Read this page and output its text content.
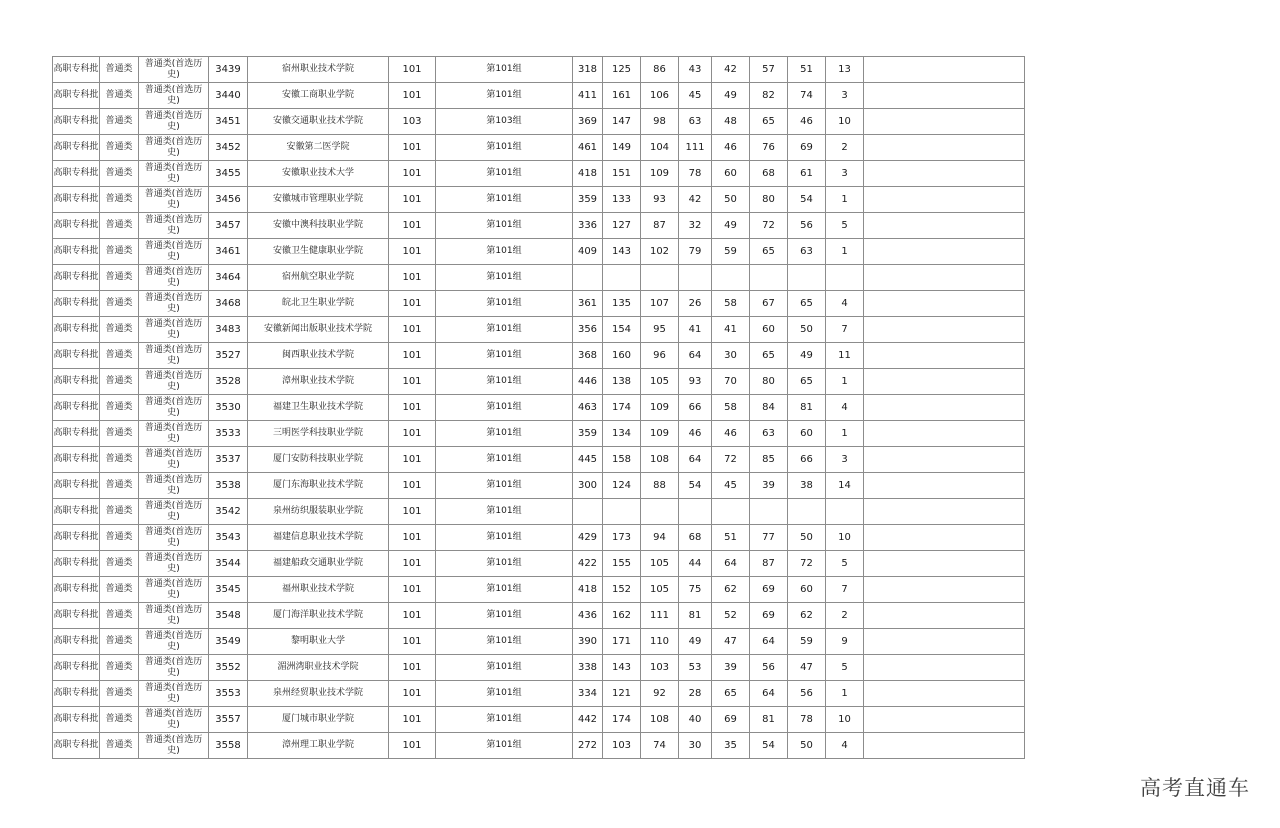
高职专科批	普通类	普通类(首选历史)	3439	宿州职业技术学院	101	第101组	318	125	86	43	42	57	51	13	
高职专科批	普通类	普通类(首选历史)	3440	安徽工商职业学院	101	第101组	411	161	106	45	49	82	74	3	
高职专科批	普通类	普通类(首选历史)	3451	安徽交通职业技术学院	103	第103组	369	147	98	63	48	65	46	10	
高职专科批	普通类	普通类(首选历史)	3452	安徽第二医学院	101	第101组	461	149	104	111	46	76	69	2	
高职专科批	普通类	普通类(首选历史)	3455	安徽职业技术大学	101	第101组	418	151	109	78	60	68	61	3	
高职专科批	普通类	普通类(首选历史)	3456	安徽城市管理职业学院	101	第101组	359	133	93	42	50	80	54	1	
高职专科批	普通类	普通类(首选历史)	3457	安徽中澳科技职业学院	101	第101组	336	127	87	32	49	72	56	5	
高职专科批	普通类	普通类(首选历史)	3461	安徽卫生健康职业学院	101	第101组	409	143	102	79	59	65	63	1	
高职专科批	普通类	普通类(首选历史)	3464	宿州航空职业学院	101	第101组									
高职专科批	普通类	普通类(首选历史)	3468	皖北卫生职业学院	101	第101组	361	135	107	26	58	67	65	4	
高职专科批	普通类	普通类(首选历史)	3483	安徽新闻出版职业技术学院	101	第101组	356	154	95	41	41	60	50	7	
高职专科批	普通类	普通类(首选历史)	3527	闽西职业技术学院	101	第101组	368	160	96	64	30	65	49	11	
高职专科批	普通类	普通类(首选历史)	3528	漳州职业技术学院	101	第101组	446	138	105	93	70	80	65	1	
高职专科批	普通类	普通类(首选历史)	3530	福建卫生职业技术学院	101	第101组	463	174	109	66	58	84	81	4	
高职专科批	普通类	普通类(首选历史)	3533	三明医学科技职业学院	101	第101组	359	134	109	46	46	63	60	1	
高职专科批	普通类	普通类(首选历史)	3537	厦门安防科技职业学院	101	第101组	445	158	108	64	72	85	66	3	
高职专科批	普通类	普通类(首选历史)	3538	厦门东海职业技术学院	101	第101组	300	124	88	54	45	39	38	14	
高职专科批	普通类	普通类(首选历史)	3542	泉州纺织服装职业学院	101	第101组									
高职专科批	普通类	普通类(首选历史)	3543	福建信息职业技术学院	101	第101组	429	173	94	68	51	77	50	10	
高职专科批	普通类	普通类(首选历史)	3544	福建船政交通职业学院	101	第101组	422	155	105	44	64	87	72	5	
高职专科批	普通类	普通类(首选历史)	3545	福州职业技术学院	101	第101组	418	152	105	75	62	69	60	7	
高职专科批	普通类	普通类(首选历史)	3548	厦门海洋职业技术学院	101	第101组	436	162	111	81	52	69	62	2	
高职专科批	普通类	普通类(首选历史)	3549	黎明职业大学	101	第101组	390	171	110	49	47	64	59	9	
高职专科批	普通类	普通类(首选历史)	3552	湄洲湾职业技术学院	101	第101组	338	143	103	53	39	56	47	5	
高职专科批	普通类	普通类(首选历史)	3553	泉州经贸职业技术学院	101	第101组	334	121	92	28	65	64	56	1	
高职专科批	普通类	普通类(首选历史)	3557	厦门城市职业学院	101	第101组	442	174	108	40	69	81	78	10	
高职专科批	普通类	普通类(首选历史)	3558	漳州理工职业学院	101	第101组	272	103	74	30	35	54	50	4	
高考直通车
